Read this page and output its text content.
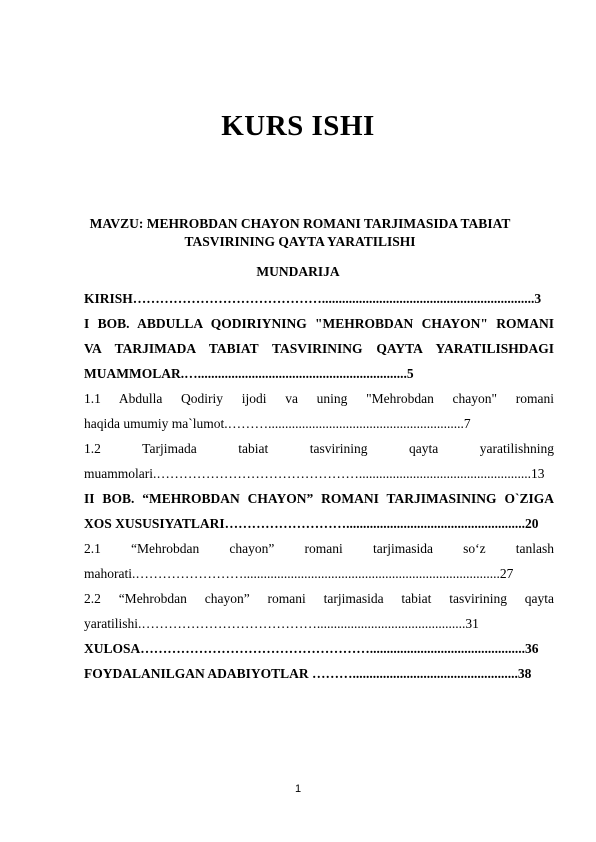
KURS ISHI
MAVZU: MEHROBDAN CHAYON ROMANI TARJIMASIDA TABIAT
TASVIRINING QAYTA YARATILISHI
MUNDARIJA
KIRISH……………………………………...............................................................3
I BOB. ABDULLA QODIRIYNING "MEHROBDAN CHAYON" ROMANI
VA TARJIMADA TABIAT TASVIRINING QAYTA YARATILISHDAGI
MUAMMOLAR.…..............................................................5
1.1 Abdulla Qodiriy ijodi va uning "Mehrobdan chayon" romani
haqida umumiy ma`lumot.………..........................................................7
1.2 Tarjimada tabiat tasvirining qayta yaratilishning
muammolari.………………………………………...................................................13
II BOB. “MEHROBDAN CHAYON” ROMANI TARJIMASINING O`ZIGA
XOS XUSUSIYATLARI……………………….....................................................20
2.1 “Mehrobdan chayon” romani tarjimasida so‘z tanlash
mahorati.……………………............................................................................27
2.2 “Mehrobdan chayon” romani tarjimasida tabiat tasvirining qayta
yaratilishi.…………………………………............................................31
XULOSA……………………………………………..............................................36
FOYDALANILGAN ADABIYOTLAR ……….................................................38
1
